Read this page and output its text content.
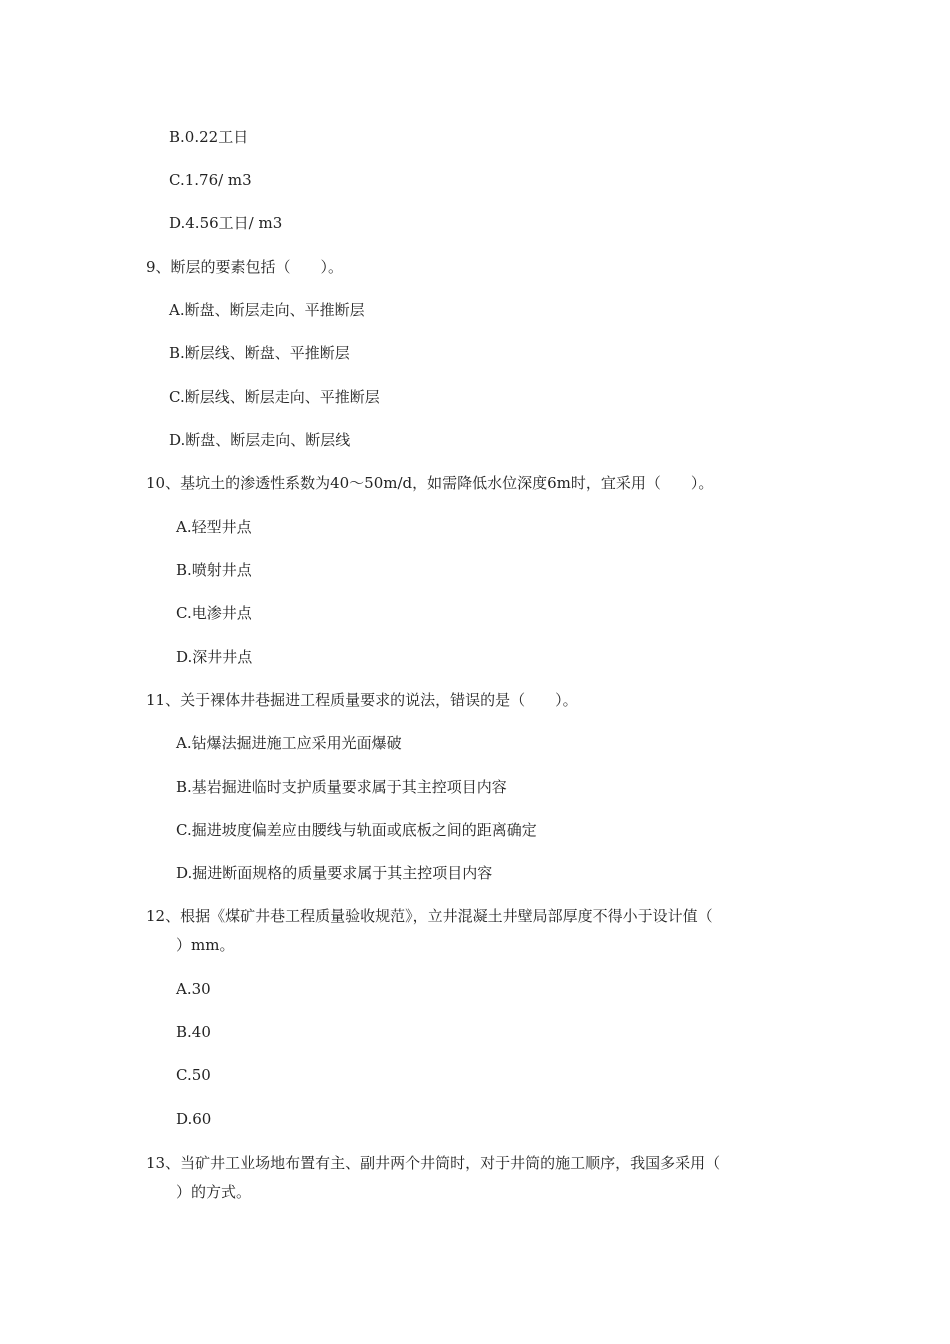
B.0.22工日
C.1.76/ m3
D.4.56工日/ m3
9、断层的要素包括（　　）。
A.断盘、断层走向、平推断层
B.断层线、断盘、平推断层
C.断层线、断层走向、平推断层
D.断盘、断层走向、断层线
10、基坑土的渗透性系数为40～50m/d，如需降低水位深度6m时，宜采用（　　）。
A.轻型井点
B.喷射井点
C.电渗井点
D.深井井点
11、关于裸体井巷掘进工程质量要求的说法，错误的是（　　）。
A.钻爆法掘进施工应采用光面爆破
B.基岩掘进临时支护质量要求属于其主控项目内容
C.掘进坡度偏差应由腰线与轨面或底板之间的距离确定
D.掘进断面规格的质量要求属于其主控项目内容
12、根据《煤矿井巷工程质量验收规范》，立井混凝土井壁局部厚度不得小于设计值（
）mm。
A.30
B.40
C.50
D.60
13、当矿井工业场地布置有主、副井两个井筒时，对于井筒的施工顺序，我国多采用（
）的方式。
